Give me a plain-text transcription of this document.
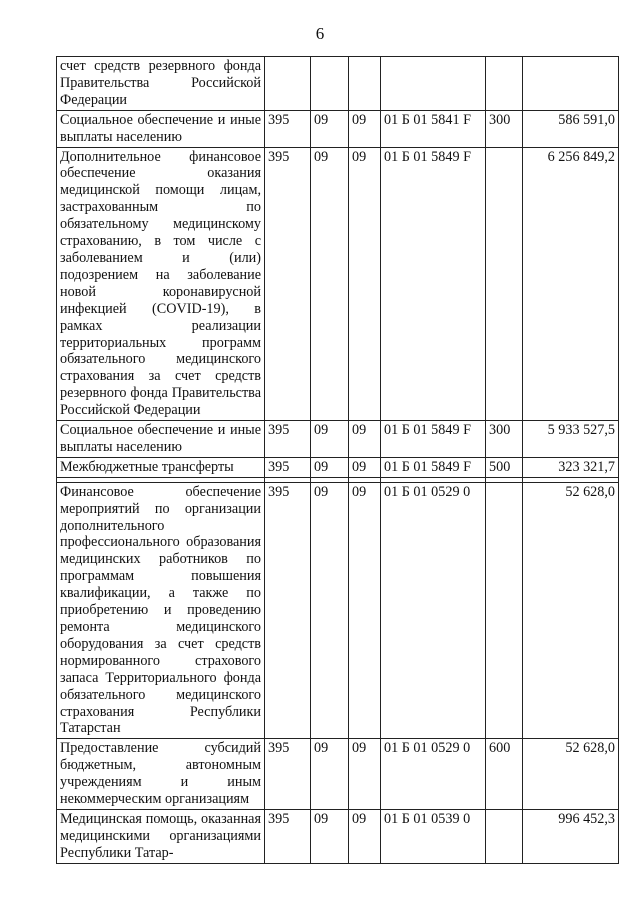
6
счет средств резервного фонда Правительства Российской Федерации						
Социальное обеспечение и иные выплаты населению	395	09	09	01 Б 01 5841 F	300	586 591,0
Дополнительное финансовое обеспечение оказания медицинской помощи лицам, застрахованным по обязательному медицинскому страхованию, в том числе с заболеванием и (или) подозрением на заболевание новой коронавирусной инфекцией (COVID-19), в рамках реализации территориальных программ обязательного медицинского страхования за счет средств резервного фонда Правительства Российской Федерации	395	09	09	01 Б 01 5849 F		6 256 849,2
Социальное обеспечение и иные выплаты населению	395	09	09	01 Б 01 5849 F	300	5 933 527,5
Межбюджетные трансферты	395	09	09	01 Б 01 5849 F	500	323 321,7

Финансовое обеспечение мероприятий по организации дополнительного профессионального образования медицинских работников по программам повышения квалификации, а также по приобретению и проведению ремонта медицинского оборудования за счет средств нормированного страхового запаса Территориального фонда обязательного медицинского страхования Республики Татарстан	395	09	09	01 Б 01 0529 0		52 628,0
Предоставление субсидий бюджетным, автономным учреждениям и иным некоммерческим организациям	395	09	09	01 Б 01 0529 0	600	52 628,0
Медицинская помощь, оказанная медицинскими организациями Республики Татар-	395	09	09	01 Б 01 0539 0		996 452,3
